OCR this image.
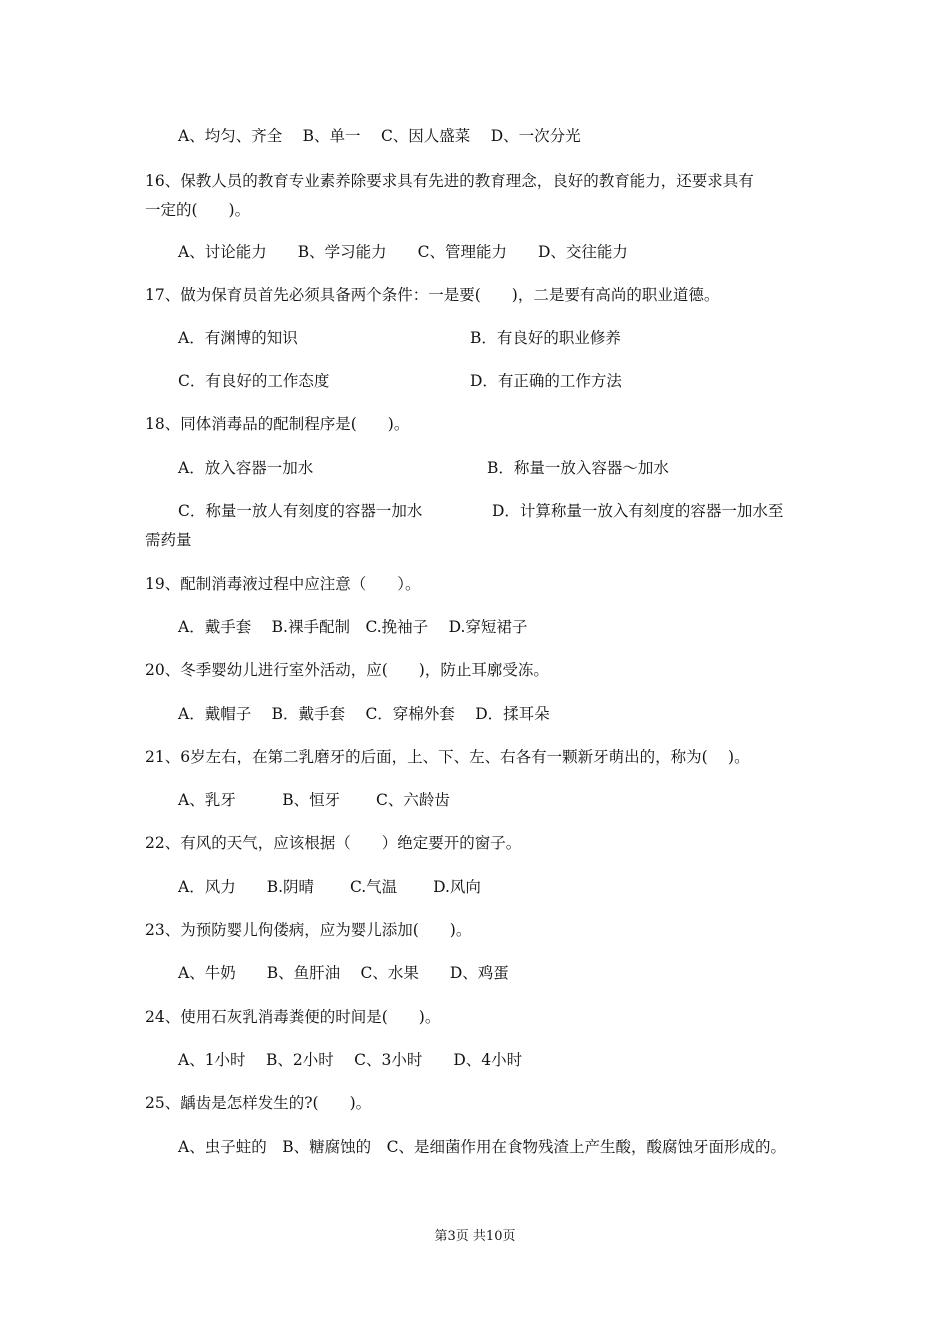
A、均匀、齐全　 B、单一　 C、因人盛菜　 D、一次分光
16、保教人员的教育专业素养除要求具有先进的教育理念，良好的教育能力，还要求具有
一定的(　　)。
A、讨论能力　　B、学习能力　　C、管理能力　　D、交往能力
17、做为保育员首先必须具备两个条件：一是要(　　)，二是要有高尚的职业道德。
A．有渊博的知识	B．有良好的职业修养
C．有良好的工作态度	D．有正确的工作方法
18、同体消毒品的配制程序是(　　)。
A．放入容器一加水	B．称量一放入容器～加水
C．称量一放人有刻度的容器一加水	D．计算称量一放入有刻度的容器一加水至
需药量
19、配制消毒液过程中应注意（　　）。
A．戴手套　 B.裸手配制　C.挽袖子　 D.穿短裙子
20、冬季婴幼儿进行室外活动，应(　　)，防止耳廓受冻。
A．戴帽子　 B．戴手套　 C．穿棉外套　 D．揉耳朵
21、6岁左右，在第二乳磨牙的后面，上、下、左、右各有一颗新牙萌出的，称为(　 )。
A、乳牙　　　B、恒牙　　 C、六龄齿
22、有风的天气，应该根据（　　）绝定要开的窗子。
A．风力　　B.阴晴　　 C.气温　　 D.风向
23、为预防婴儿佝偻病，应为婴儿添加(　　)。
A、牛奶　　B、鱼肝油　 C、水果　　D、鸡蛋
24、使用石灰乳消毒粪便的时间是(　　)。
A、1小时　 B、2小时　 C、3小时　　D、4小时
25、龋齿是怎样发生的?(　　)。
A、虫子蛀的　B、糖腐蚀的　C、是细菌作用在食物残渣上产生酸，酸腐蚀牙面形成的。
第3页 共10页
